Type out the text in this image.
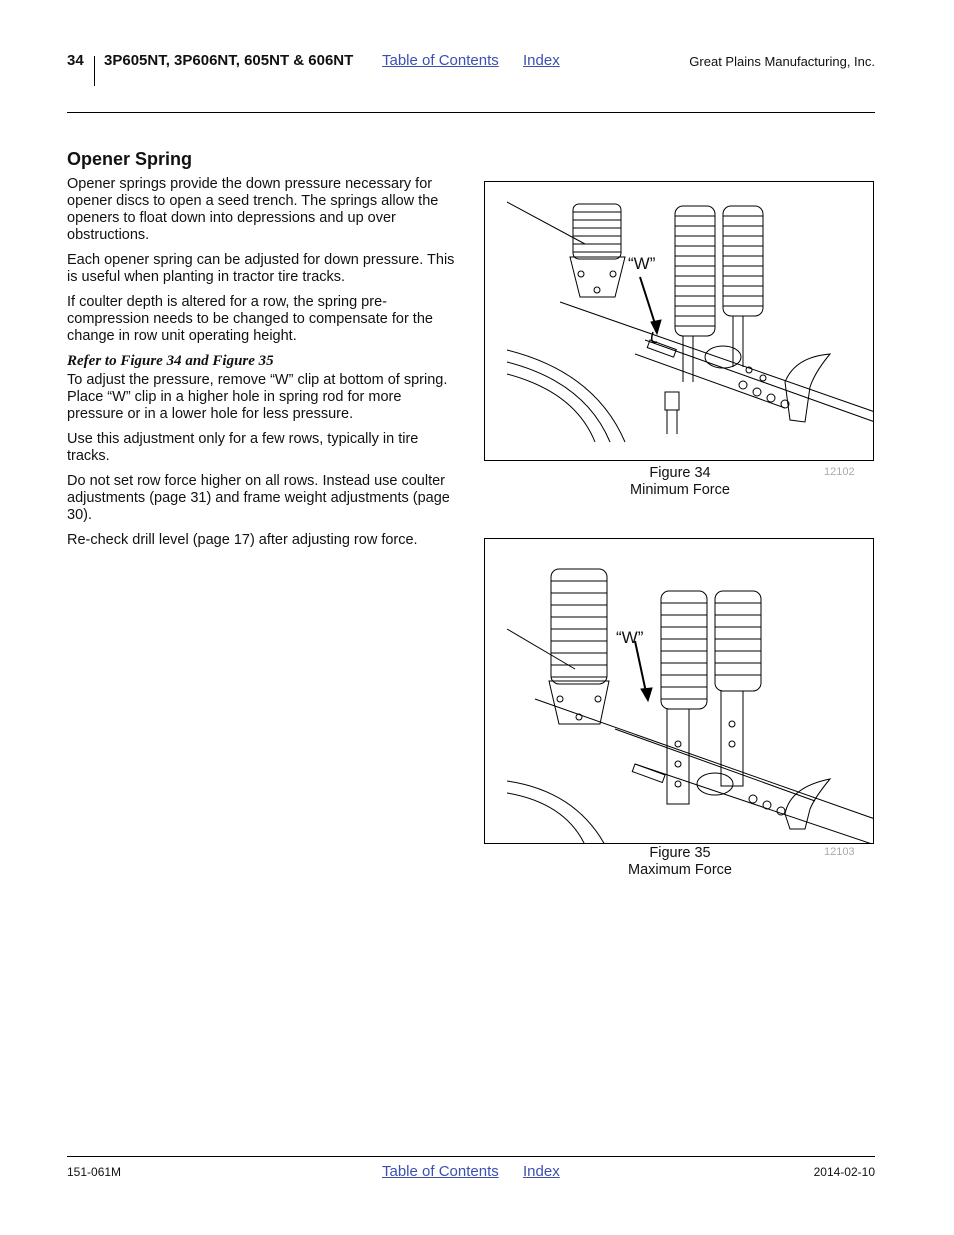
34 3P605NT, 3P606NT, 605NT & 606NT Table of Contents Index	Great Plains Manufacturing, Inc.
Opener Spring

Opener springs provide the down pressure necessary for opener discs to open a seed trench. The springs allow the openers to float down into depressions and up over obstructions.

Each opener spring can be adjusted for down pressure. This is useful when planting in tractor tire tracks.

If coulter depth is altered for a row, the spring pre-compression needs to be changed to compensate for the change in row unit operating height.

Refer to Figure 34 and Figure 35

To adjust the pressure, remove “W” clip at bottom of spring. Place “W” clip in a higher hole in spring rod for more pressure or in a lower hole for less pressure.

Use this adjustment only for a few rows, typically in tire tracks.

Do not set row force higher on all rows. Instead use coulter adjustments (page 31) and frame weight adjustments (page 30).

Re-check drill level (page 17) after adjusting row force.

“W”
Figure 34
Minimum Force
12102
“W”
Figure 35
Maximum Force
12103
151-061M	Table of Contents Index	2014-02-10
